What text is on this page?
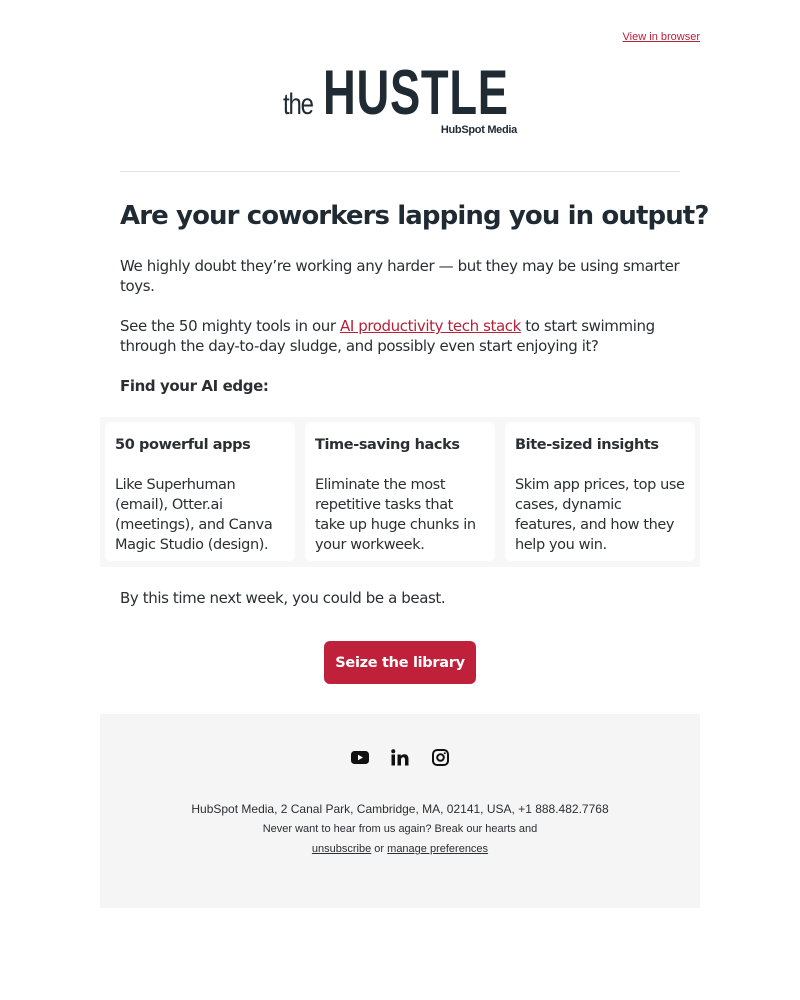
View in browser
the HUSTLE
HubSpot Media
Are your coworkers lapping you in output?

We highly doubt they’re working any harder — but they may be using smarter toys.

See the 50 mighty tools in our AI productivity tech stack to start swimming through the day-to-day sludge, and possibly even start enjoying it?

Find your AI edge:

50 powerful apps
Like Superhuman (email), Otter.ai (meetings), and Canva Magic Studio (design).
Time-saving hacks
Eliminate the most repetitive tasks that take up huge chunks in your workweek.
Bite-sized insights
Skim app prices, top use cases, dynamic features, and how they help you win.

By this time next week, you could be a beast.

Seize the library
HubSpot Media, 2 Canal Park, Cambridge, MA, 02141, USA, +1 888.482.7768
Never want to hear from us again? Break our hearts and
unsubscribe or manage preferences
